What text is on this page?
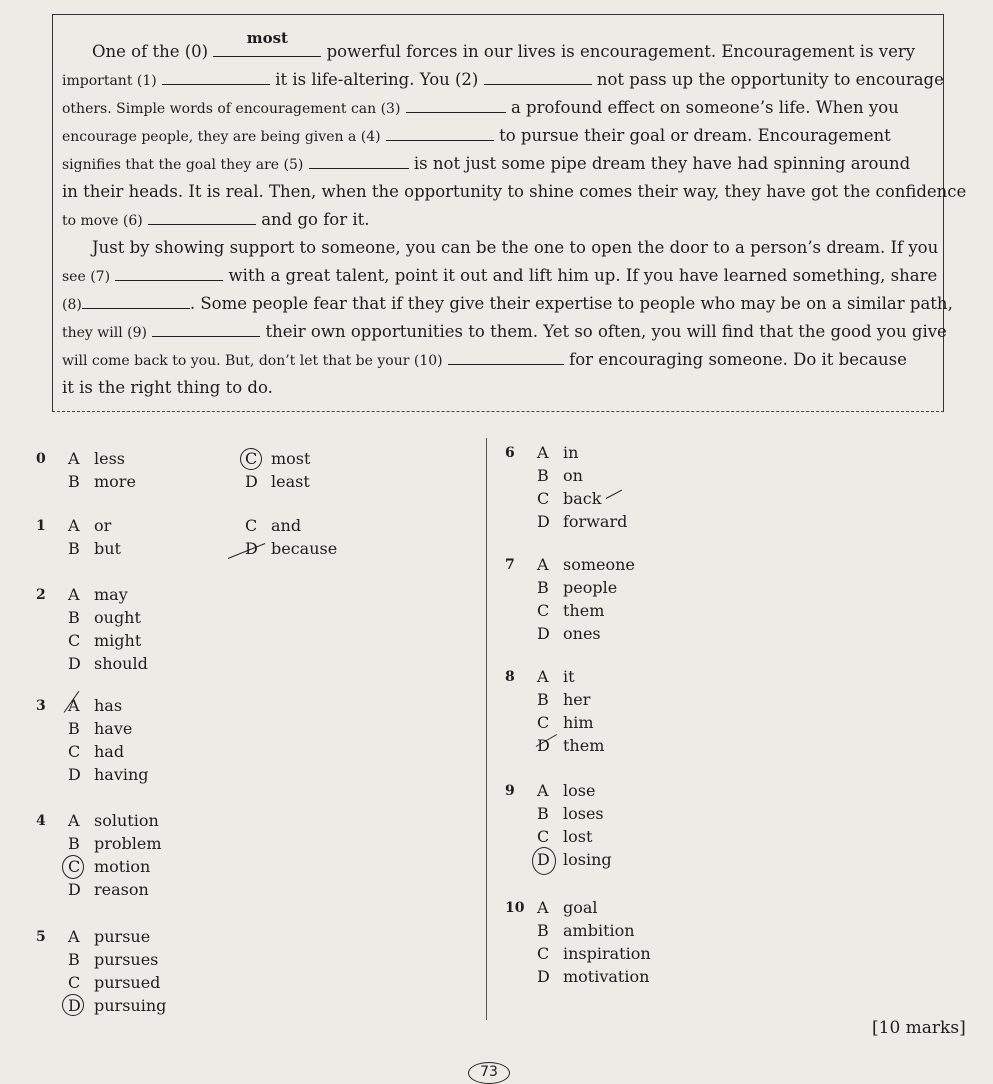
One of the (0)
most
powerful forces in our lives is encouragement. Encouragement is very
important (1)	it is life-altering. You (2)	not pass up the opportunity to encourage
others. Simple words of encouragement can (3)	a profound effect on someone’s life. When you
encourage people, they are being given a (4)	to pursue their goal or dream. Encouragement
signifies that the goal they are (5)	is not just some pipe dream they have had spinning around
in their heads. It is real. Then, when the opportunity to shine comes their way, they have got the confidence
to move (6)	and go for it.
Just by showing support to someone, you can be the one to open the door to a person’s dream. If you
see (7)	with a great talent, point it out and lift him up. If you have learned something, share
(8)	. Some people fear that if they give their expertise to people who may be on a similar path,
they will (9)	their own opportunities to them. Yet so often, you will find that the good you give
will come back to you. But, don’t let that be your (10)	for encouraging someone. Do it because
it is the right thing to do.
0 A less
B more
C most
D least
1 A or
B but
C and
D because
2 A may
B ought
C might
D should
3 A has
B have
C had
D having
4 A solution
B problem
C motion
D reason
5 A pursue
B pursues
C pursued
D pursuing
6 A in
B on
C back
D forward
7 A someone
B people
C them
D ones
8 A it
B her
C him
D them
9 A lose
B loses
C lost
D losing
10 A goal
B ambition
C inspiration
D motivation
[10 marks]
73
